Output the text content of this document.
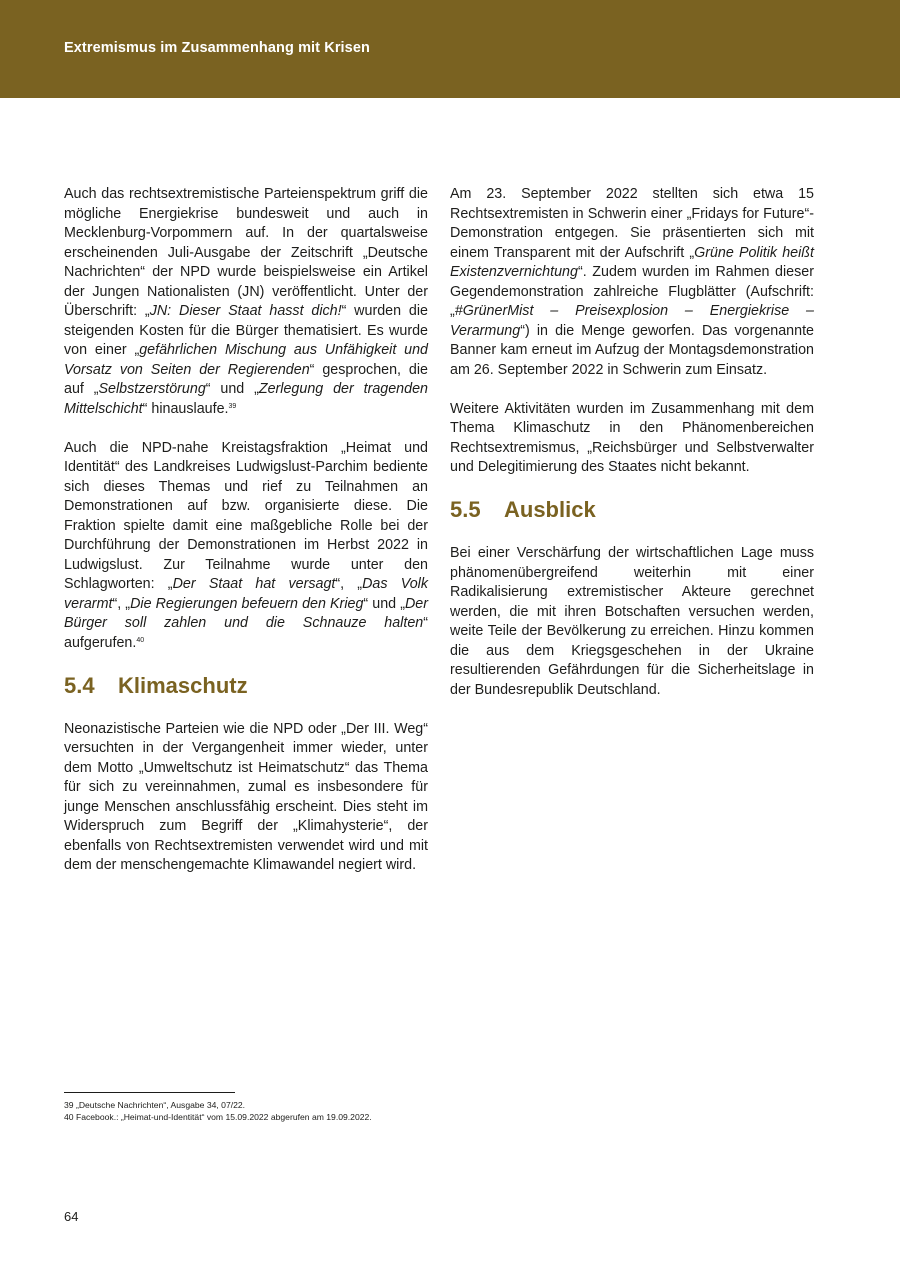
Extremismus im Zusammenhang mit Krisen

Auch das rechtsextremistische Parteienspektrum griff die mögliche Energiekrise bundesweit und auch in Mecklenburg-Vorpommern auf. In der quartalsweise erscheinenden Juli-Ausgabe der Zeitschrift „Deutsche Nachrichten“ der NPD wurde beispielsweise ein Artikel der Jungen Nationalisten (JN) veröffentlicht. Unter der Überschrift: „JN: Dieser Staat hasst dich!“ wurden die steigenden Kosten für die Bürger thematisiert. Es wurde von einer „gefährlichen Mischung aus Unfähigkeit und Vorsatz von Seiten der Regierenden“ gesprochen, die auf „Selbstzerstörung“ und „Zerlegung der tragenden Mittelschicht“ hinauslaufe.$^{39}$

Auch die NPD-nahe Kreistagsfraktion „Heimat und Identität“ des Landkreises Ludwigslust-Parchim bediente sich dieses Themas und rief zu Teilnahmen an Demonstrationen auf bzw. organisierte diese. Die Fraktion spielte damit eine maßgebliche Rolle bei der Durchführung der Demonstrationen im Herbst 2022 in Ludwigslust. Zur Teilnahme wurde unter den Schlagworten: „Der Staat hat versagt“, „Das Volk verarmt“, „Die Regierungen befeuern den Krieg“ und „Der Bürger soll zahlen und die Schnauze halten“ aufgerufen.$^{40}$

5.4 Klimaschutz

Neonazistische Parteien wie die NPD oder „Der III. Weg“ versuchten in der Vergangenheit immer wieder, unter dem Motto „Umweltschutz ist Heimatschutz“ das Thema für sich zu vereinnahmen, zumal es insbesondere für junge Menschen anschlussfähig erscheint. Dies steht im Widerspruch zum Begriff der „Klimahysterie“, der ebenfalls von Rechtsextremisten verwendet wird und mit dem der menschengemachte Klimawandel negiert wird.

Am 23. September 2022 stellten sich etwa 15 Rechtsextremisten in Schwerin einer „Fridays for Future“-Demonstration entgegen. Sie präsentierten sich mit einem Transparent mit der Aufschrift „Grüne Politik heißt Existenzvernichtung“. Zudem wurden im Rahmen dieser Gegendemonstration zahlreiche Flugblätter (Aufschrift: „#GrünerMist – Preisexplosion – Energiekrise – Verarmung“) in die Menge geworfen. Das vorgenannte Banner kam erneut im Aufzug der Montagsdemonstration am 26. September 2022 in Schwerin zum Einsatz.

Weitere Aktivitäten wurden im Zusammenhang mit dem Thema Klimaschutz in den Phänomenbereichen Rechtsextremismus, „Reichsbürger und Selbstverwalter und Delegitimierung des Staates nicht bekannt.

5.5 Ausblick

Bei einer Verschärfung der wirtschaftlichen Lage muss phänomenübergreifend weiterhin mit einer Radikalisierung extremistischer Akteure gerechnet werden, die mit ihren Botschaften versuchen werden, weite Teile der Bevölkerung zu erreichen. Hinzu kommen die aus dem Kriegsgeschehen in der Ukraine resultierenden Gefährdungen für die Sicherheitslage in der Bundesrepublik Deutschland.

39 „Deutsche Nachrichten“, Ausgabe 34, 07/22.
40 Facebook.: „Heimat-und-Identität“ vom 15.09.2022 abgerufen am 19.09.2022.
64
